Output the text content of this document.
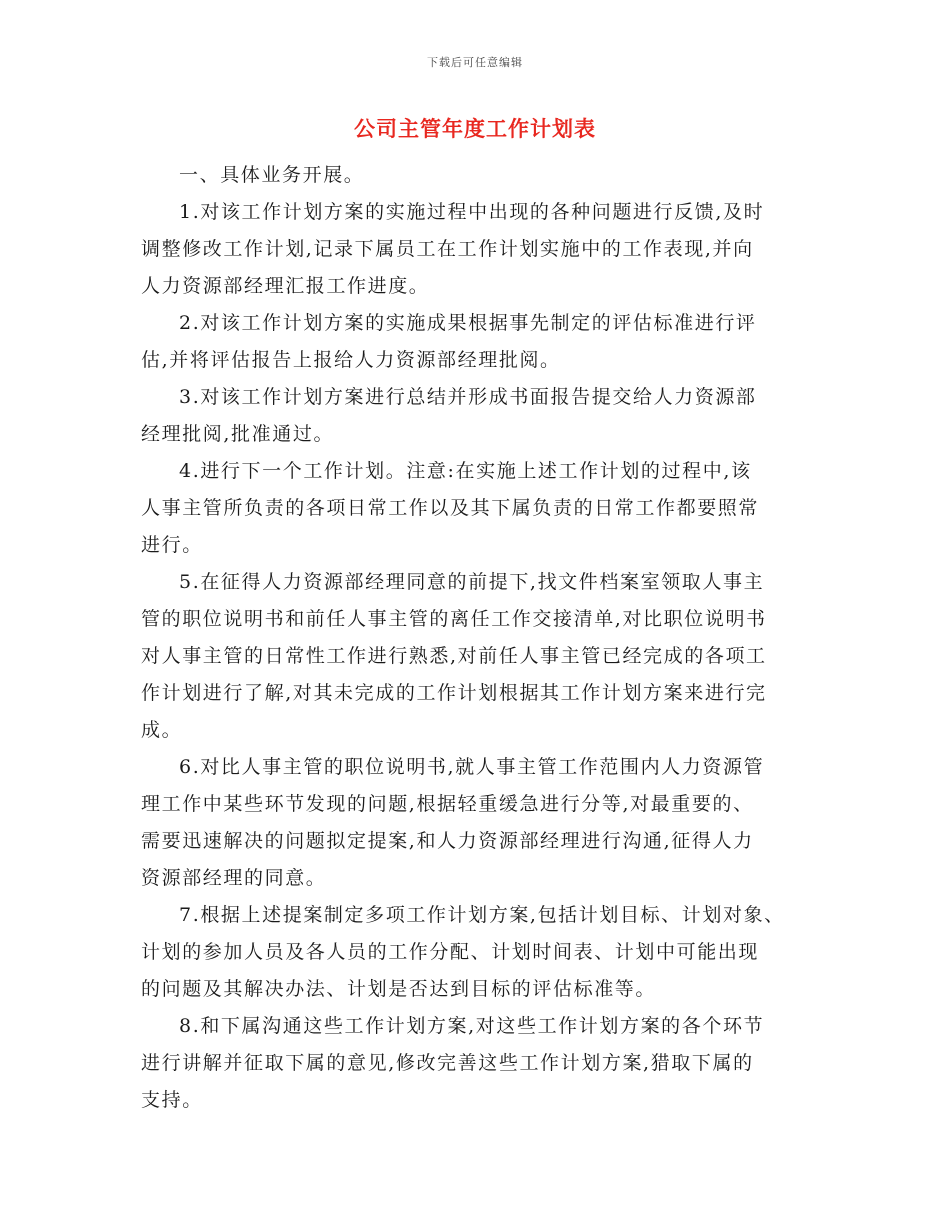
下载后可任意编辑
公司主管年度工作计划表
一、具体业务开展。
1.对该工作计划方案的实施过程中出现的各种问题进行反馈,及时
调整修改工作计划,记录下属员工在工作计划实施中的工作表现,并向
人力资源部经理汇报工作进度。
2.对该工作计划方案的实施成果根据事先制定的评估标准进行评
估,并将评估报告上报给人力资源部经理批阅。
3.对该工作计划方案进行总结并形成书面报告提交给人力资源部
经理批阅,批准通过。
4.进行下一个工作计划。注意:在实施上述工作计划的过程中,该
人事主管所负责的各项日常工作以及其下属负责的日常工作都要照常
进行。
5.在征得人力资源部经理同意的前提下,找文件档案室领取人事主
管的职位说明书和前任人事主管的离任工作交接清单,对比职位说明书
对人事主管的日常性工作进行熟悉,对前任人事主管已经完成的各项工
作计划进行了解,对其未完成的工作计划根据其工作计划方案来进行完
成。
6.对比人事主管的职位说明书,就人事主管工作范围内人力资源管
理工作中某些环节发现的问题,根据轻重缓急进行分等,对最重要的、
需要迅速解决的问题拟定提案,和人力资源部经理进行沟通,征得人力
资源部经理的同意。
7.根据上述提案制定多项工作计划方案,包括计划目标、计划对象、
计划的参加人员及各人员的工作分配、计划时间表、计划中可能出现
的问题及其解决办法、计划是否达到目标的评估标准等。
8.和下属沟通这些工作计划方案,对这些工作计划方案的各个环节
进行讲解并征取下属的意见,修改完善这些工作计划方案,猎取下属的
支持。
